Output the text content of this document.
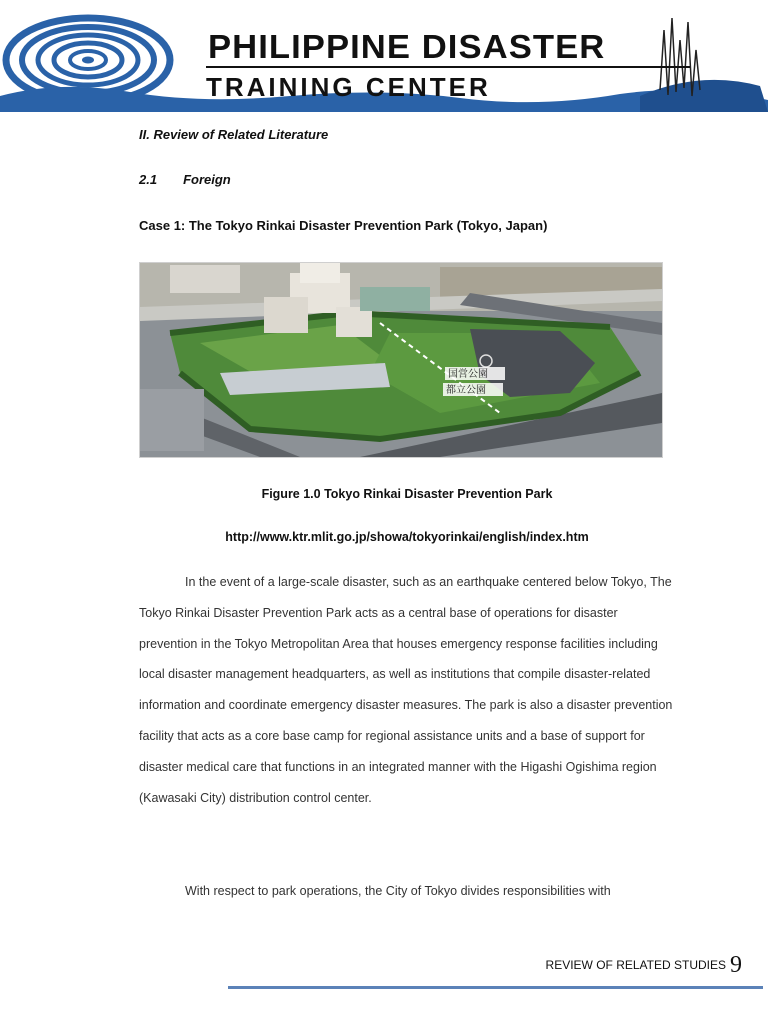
PHILIPPINE DISASTER
TRAINING CENTER
II. Review of Related Literature
2.1 Foreign
Case 1: The Tokyo Rinkai Disaster Prevention Park (Tokyo, Japan)
国営公園
都立公園
Figure 1.0 Tokyo Rinkai Disaster Prevention Park
http://www.ktr.mlit.go.jp/showa/tokyorinkai/english/index.htm
In the event of a large-scale disaster, such as an earthquake centered below Tokyo, The Tokyo Rinkai Disaster Prevention Park acts as a central base of operations for disaster prevention in the Tokyo Metropolitan Area that houses emergency response facilities including local disaster management headquarters, as well as institutions that compile disaster-related information and coordinate emergency disaster measures. The park is also a disaster prevention facility that acts as a core base camp for regional assistance units and a base of support for disaster medical care that functions in an integrated manner with the Higashi Ogishima region (Kawasaki City) distribution control center.
With respect to park operations, the City of Tokyo divides responsibilities with
REVIEW OF RELATED STUDIES 9
